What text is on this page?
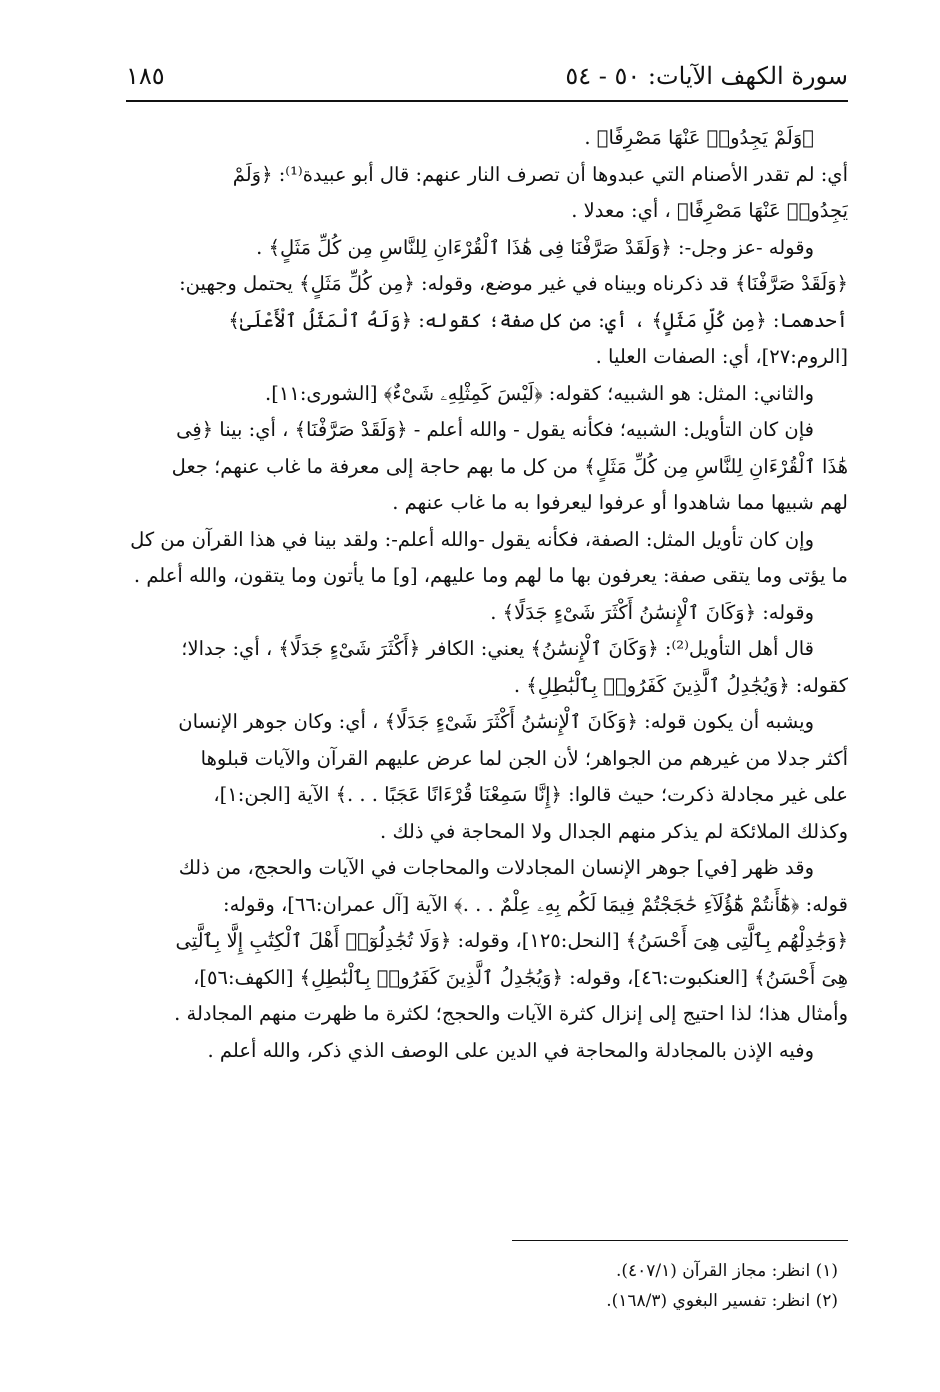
سورة الكهف الآيات: ٥٠ - ٥٤
١٨٥
﴿وَلَمْ يَجِدُوا۟ عَنْهَا مَصْرِفًا﴾ .
أي: لم تقدر الأصنام التي عبدوها أن تصرف النار عنهم: قال أبو عبيدة⁽¹⁾: ﴿وَلَمْ
يَجِدُوا۟ عَنْهَا مَصْرِفًا﴾ ، أي: معدلا .
وقوله -عز وجل-: ﴿وَلَقَدْ صَرَّفْنَا فِى هَٰذَا ٱلْقُرْءَانِ لِلنَّاسِ مِن كُلِّ مَثَلٍ﴾ .
﴿وَلَقَدْ صَرَّفْنَا﴾ قد ذكرناه وبيناه في غير موضع، وقوله: ﴿مِن كُلِّ مَثَلٍ﴾ يحتمل وجهين:
أحدهما: ﴿مِن كُلِّ مَثَلٍ﴾ ، أي: من كل صفة؛ كقوله: ﴿وَلَهُ ٱلْمَثَلُ ٱلْأَعْلَىٰ﴾
[الروم:٢٧]، أي: الصفات العليا .
والثاني: المثل: هو الشبيه؛ كقوله: ﴿لَيْسَ كَمِثْلِهِۦ شَىْءٌ﴾ [الشورى:١١].
فإن كان التأويل: الشبيه؛ فكأنه يقول - والله أعلم - ﴿وَلَقَدْ صَرَّفْنَا﴾ ، أي: بينا ﴿فِى
هَٰذَا ٱلْقُرْءَانِ لِلنَّاسِ مِن كُلِّ مَثَلٍ﴾ من كل ما بهم حاجة إلى معرفة ما غاب عنهم؛ جعل
لهم شبيها مما شاهدوا أو عرفوا ليعرفوا به ما غاب عنهم .
وإن كان تأويل المثل: الصفة، فكأنه يقول -والله أعلم-: ولقد بينا في هذا القرآن من كل
ما يؤتى وما يتقى صفة: يعرفون بها ما لهم وما عليهم، [و] ما يأتون وما يتقون، والله أعلم .
وقوله: ﴿وَكَانَ ٱلْإِنسَٰنُ أَكْثَرَ شَىْءٍ جَدَلًا﴾ .
قال أهل التأويل⁽²⁾: ﴿وَكَانَ ٱلْإِنسَٰنُ﴾ يعني: الكافر ﴿أَكْثَرَ شَىْءٍ جَدَلًا﴾ ، أي: جدالا؛
كقوله: ﴿وَيُجَٰدِلُ ٱلَّذِينَ كَفَرُوا۟ بِٱلْبَٰطِلِ﴾ .
ويشبه أن يكون قوله: ﴿وَكَانَ ٱلْإِنسَٰنُ أَكْثَرَ شَىْءٍ جَدَلًا﴾ ، أي: وكان جوهر الإنسان
أكثر جدلا من غيرهم من الجواهر؛ لأن الجن لما عرض عليهم القرآن والآيات قبلوها
على غير مجادلة ذكرت؛ حيث قالوا: ﴿إِنَّا سَمِعْنَا قُرْءَانًا عَجَبًا . . .﴾ الآية [الجن:١]،
وكذلك الملائكة لم يذكر منهم الجدال ولا المحاجة في ذلك .
وقد ظهر [في] جوهر الإنسان المجادلات والمحاجات في الآيات والحجج، من ذلك
قوله: ﴿هَٰٓأَنتُمْ هَٰٓؤُلَآءِ حَٰجَجْتُمْ فِيمَا لَكُم بِهِۦ عِلْمٌ . . .﴾ الآية [آل عمران:٦٦]، وقوله:
﴿وَجَٰدِلْهُم بِٱلَّتِى هِىَ أَحْسَنُ﴾ [النحل:١٢٥]، وقوله: ﴿وَلَا تُجَٰدِلُوٓا۟ أَهْلَ ٱلْكِتَٰبِ إِلَّا بِٱلَّتِى
هِىَ أَحْسَنُ﴾ [العنكبوت:٤٦]، وقوله: ﴿وَيُجَٰدِلُ ٱلَّذِينَ كَفَرُوا۟ بِٱلْبَٰطِلِ﴾ [الكهف:٥٦]،
وأمثال هذا؛ لذا احتيج إلى إنزال كثرة الآيات والحجج؛ لكثرة ما ظهرت منهم المجادلة .
وفيه الإذن بالمجادلة والمحاجة في الدين على الوصف الذي ذكر، والله أعلم .
(١) انظر: مجاز القرآن (٤٠٧/١).
(٢) انظر: تفسير البغوي (١٦٨/٣).
